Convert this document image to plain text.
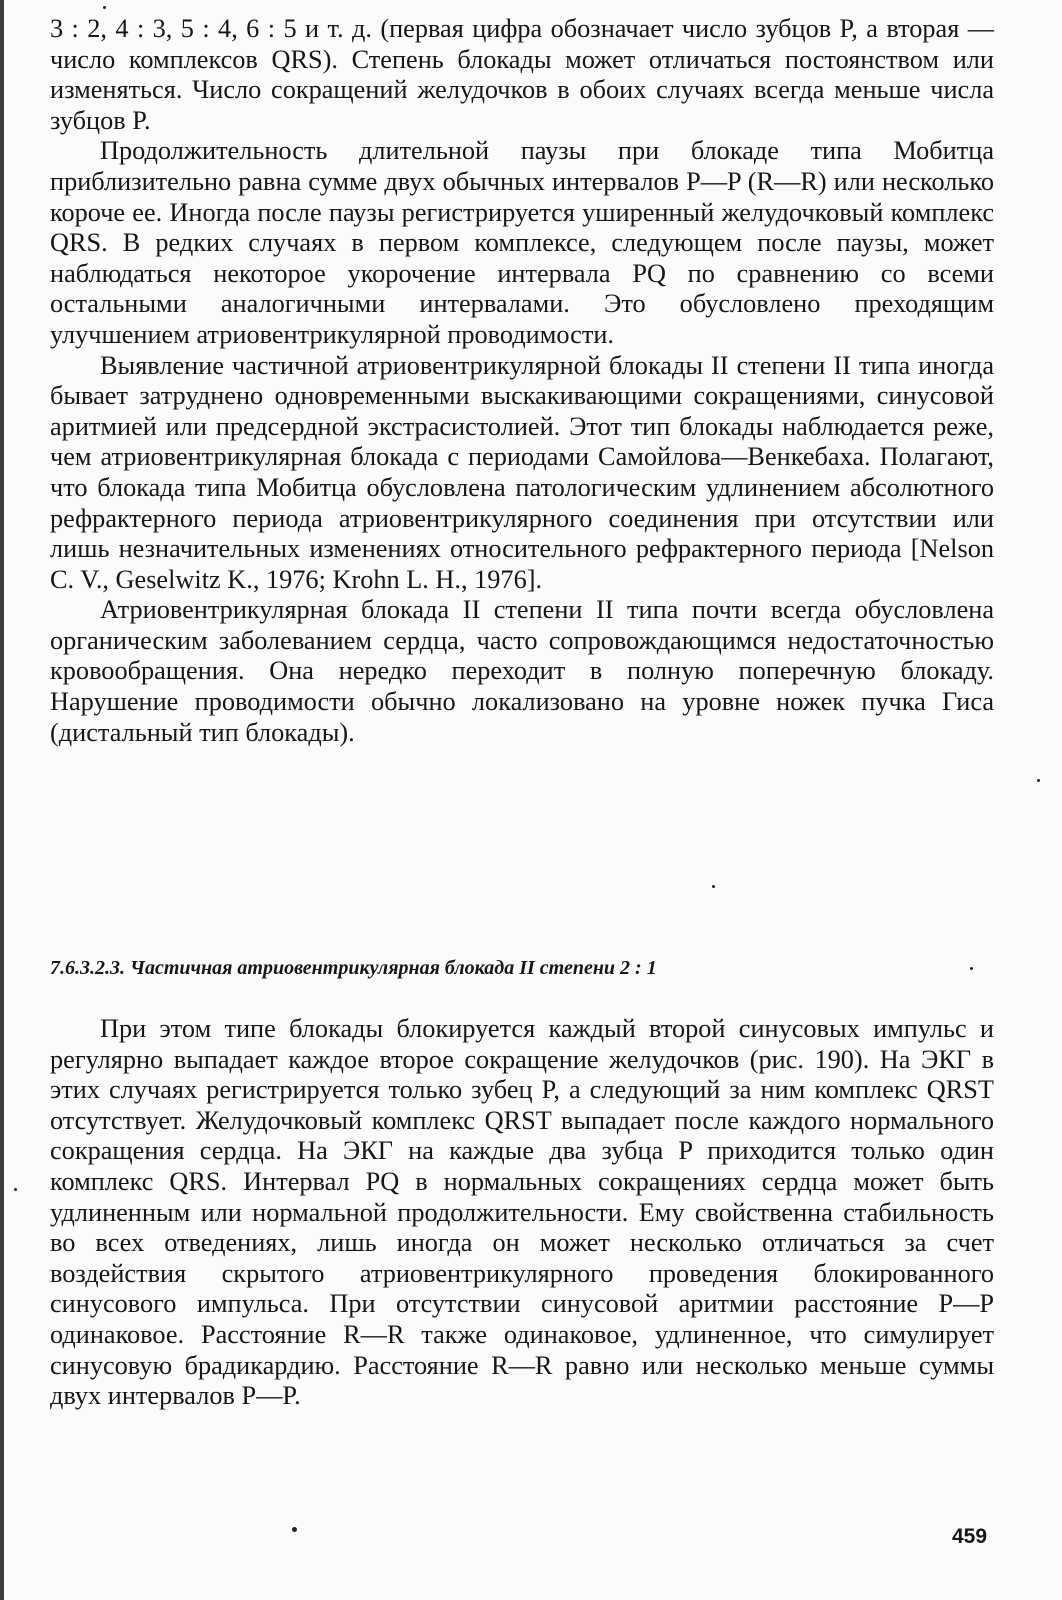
3 : 2, 4 : 3, 5 : 4, 6 : 5 и т. д. (первая цифра обозначает число зубцов P, а вторая — число комплексов QRS). Степень блокады может отличаться постоянством или изменяться. Число сокращений желудочков в обоих случаях всегда меньше числа зубцов P.

Продолжительность длительной паузы при блокаде типа Мобитца приблизительно равна сумме двух обычных интервалов P—P (R—R) или несколько короче ее. Иногда после паузы регистрируется уширенный желудочковый комплекс QRS. В редких случаях в первом комплексе, следующем после паузы, может наблюдаться некоторое укорочение интервала PQ по сравнению со всеми остальными аналогичными интервалами. Это обусловлено преходящим улучшением атриовентрикулярной проводимости.

Выявление частичной атриовентрикулярной блокады II степени II типа иногда бывает затруднено одновременными выскакивающими сокращениями, синусовой аритмией или предсердной экстрасистолией. Этот тип блокады наблюдается реже, чем атриовентрикулярная блокада с периодами Самойлова—Венкебаха. Полагают, что блокада типа Мобитца обусловлена патологическим удлинением абсолютного рефрактерного периода атриовентрикулярного соединения при отсутствии или лишь незначительных изменениях относительного рефрактерного периода [Nelson C. V., Geselwitz K., 1976; Krohn L. H., 1976].

Атриовентрикулярная блокада II степени II типа почти всегда обусловлена органическим заболеванием сердца, часто сопровождающимся недостаточностью кровообращения. Она нередко переходит в полную поперечную блокаду. Нарушение проводимости обычно локализовано на уровне ножек пучка Гиса (дистальный тип блокады).

7.6.3.2.3. Частичная атриовентрикулярная блокада II степени 2 : 1

При этом типе блокады блокируется каждый второй синусовых импульс и регулярно выпадает каждое второе сокращение желудочков (рис. 190). На ЭКГ в этих случаях регистрируется только зубец P, а следующий за ним комплекс QRST отсутствует. Желудочковый комплекс QRST выпадает после каждого нормального сокращения сердца. На ЭКГ на каждые два зубца P приходится только один комплекс QRS. Интервал PQ в нормальных сокращениях сердца может быть удлиненным или нормальной продолжительности. Ему свойственна стабильность во всех отведениях, лишь иногда он может несколько отличаться за счет воздействия скрытого атриовентрикулярного проведения блокированного синусового импульса. При отсутствии синусовой аритмии расстояние P—P одинаковое. Расстояние R—R также одинаковое, удлиненное, что симулирует синусовую брадикардию. Расстояние R—R равно или несколько меньше суммы двух интервалов P—P.

459
